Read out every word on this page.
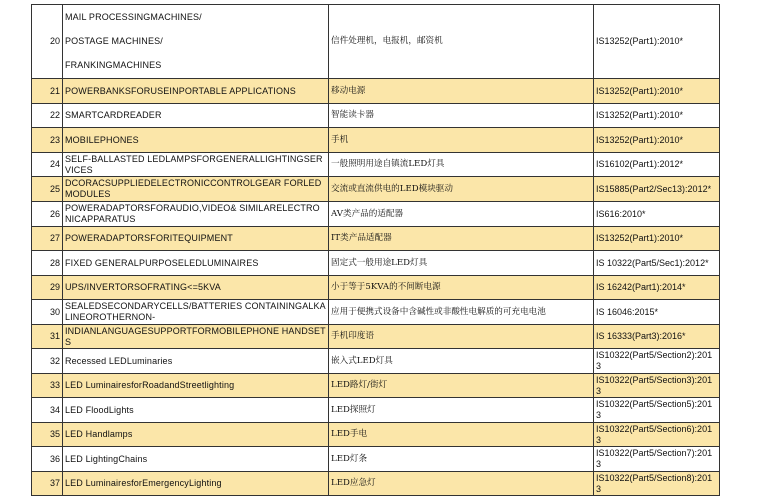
20	MAIL PROCESSINGMACHINES/
POSTAGE MACHINES/
FRANKINGMACHINES	信件处理机，电报机，邮资机	IS13252(Part1):2010*
21	POWERBANKSFORUSEINPORTABLE APPLICATIONS	移动电源	IS13252(Part1):2010*
22	SMARTCARDREADER	智能读卡器	IS13252(Part1):2010*
23	MOBILEPHONES	手机	IS13252(Part1):2010*
24	SELF-BALLASTED LEDLAMPSFORGENERALLIGHTINGSERVICES	一般照明用途自镇流LED灯具	IS16102(Part1):2012*
25	DCORACSUPPLIEDELECTRONICCONTROLGEAR FORLEDMODULES	交流或直流供电的LED模块驱动	IS15885(Part2/Sec13):2012*
26	POWERADAPTORSFORAUDIO,VIDEO& SIMILARELECTRONICAPPARATUS	AV类产品的适配器	IS616:2010*
27	POWERADAPTORSFORITEQUIPMENT	IT类产品适配器	IS13252(Part1):2010*
28	FIXED GENERALPURPOSELEDLUMINAIRES	固定式一般用途LED灯具	IS 10322(Part5/Sec1):2012*
29	UPS/INVERTORSOFRATING<=5KVA	小于等于5KVA的不间断电源	IS 16242(Part1):2014*
30	SEALEDSECONDARYCELLS/BATTERIES CONTAININGALKALINEOROTHERNON-	应用于便携式设备中含碱性或非酸性电解质的可充电电池	IS 16046:2015*
31	INDIANLANGUAGESUPPORTFORMOBILEPHONE HANDSETS	手机印度语	IS 16333(Part3):2016*
32	Recessed LEDLuminaries	嵌入式LED灯具	IS10322(Part5/Section2):2013
33	LED LuminairesforRoadandStreetlighting	LED路灯/街灯	IS10322(Part5/Section3):2013
34	LED FloodLights	LED探照灯	IS10322(Part5/Section5):2013
35	LED Handlamps	LED手电	IS10322(Part5/Section6):2013
36	LED LightingChains	LED灯条	IS10322(Part5/Section7):2013
37	LED LuminairesforEmergencyLighting	LED应急灯	IS10322(Part5/Section8):2013
